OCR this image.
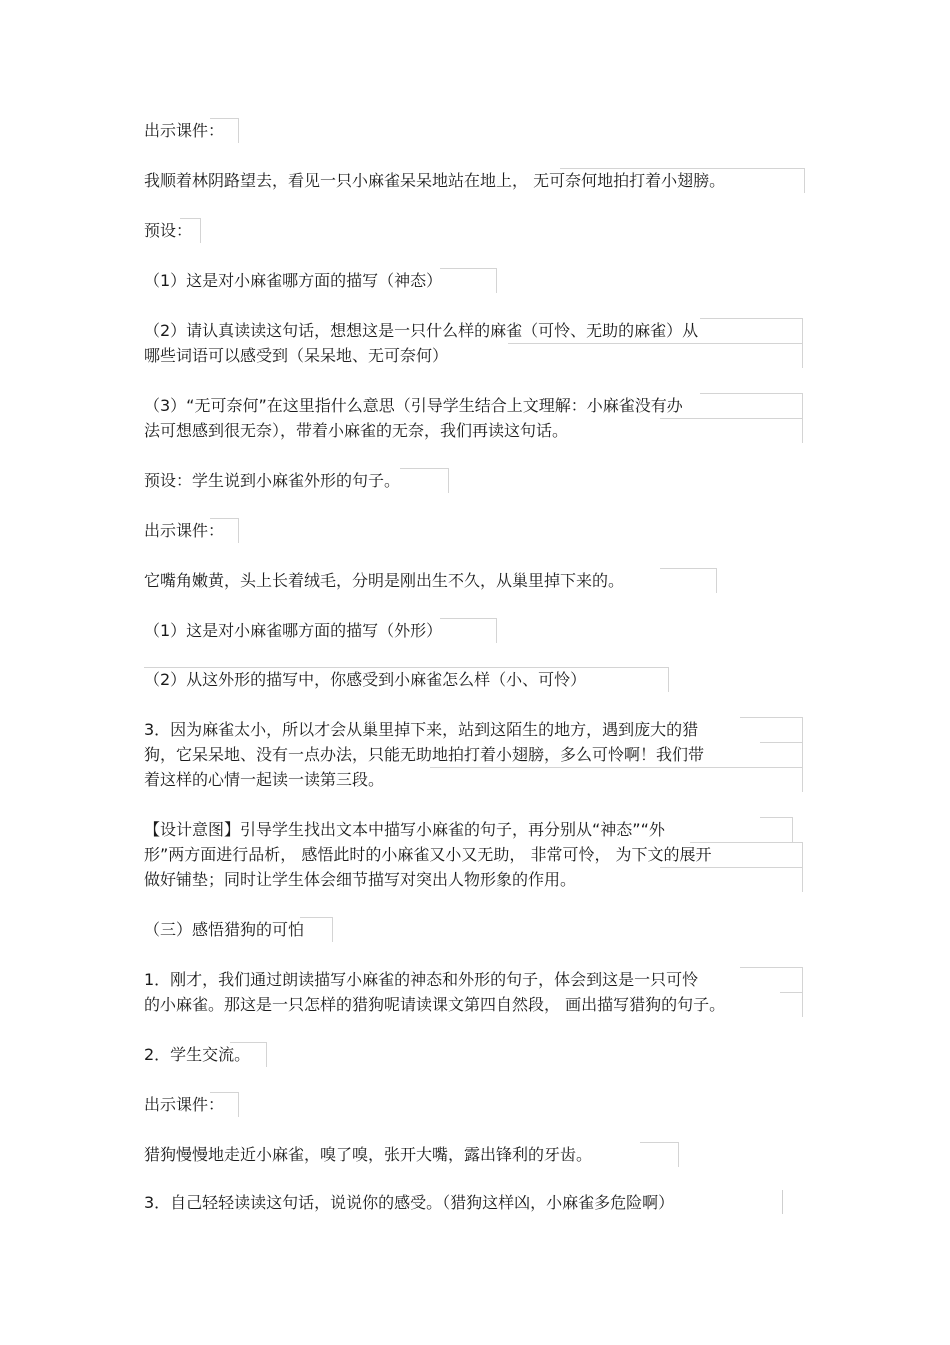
出示课件：
我顺着林阴路望去，看见一只小麻雀呆呆地站在地上， 无可奈何地拍打着小翅膀。
预设：
（1）这是对小麻雀哪方面的描写（神态）
（2）请认真读读这句话，想想这是一只什么样的麻雀（可怜、无助的麻雀）从
哪些词语可以感受到（呆呆地、无可奈何）
（3）“无可奈何”在这里指什么意思（引导学生结合上文理解：小麻雀没有办
法可想感到很无奈），带着小麻雀的无奈，我们再读这句话。
预设：学生说到小麻雀外形的句子。
出示课件：
它嘴角嫩黄，头上长着绒毛，分明是刚出生不久，从巢里掉下来的。
（1）这是对小麻雀哪方面的描写（外形）
（2）从这外形的描写中，你感受到小麻雀怎么样（小、可怜）
3．因为麻雀太小，所以才会从巢里掉下来，站到这陌生的地方，遇到庞大的猎
狗，它呆呆地、没有一点办法，只能无助地拍打着小翅膀，多么可怜啊！我们带
着这样的心情一起读一读第三段。
【设计意图】引导学生找出文本中描写小麻雀的句子，再分别从“神态”“外
形”两方面进行品析， 感悟此时的小麻雀又小又无助， 非常可怜， 为下文的展开
做好铺垫；同时让学生体会细节描写对突出人物形象的作用。
（三）感悟猎狗的可怕
1．刚才，我们通过朗读描写小麻雀的神态和外形的句子，体会到这是一只可怜
的小麻雀。那这是一只怎样的猎狗呢请读课文第四自然段， 画出描写猎狗的句子。
2．学生交流。
出示课件：
猎狗慢慢地走近小麻雀，嗅了嗅，张开大嘴，露出锋利的牙齿。
3．自己轻轻读读这句话，说说你的感受。（猎狗这样凶，小麻雀多危险啊）
